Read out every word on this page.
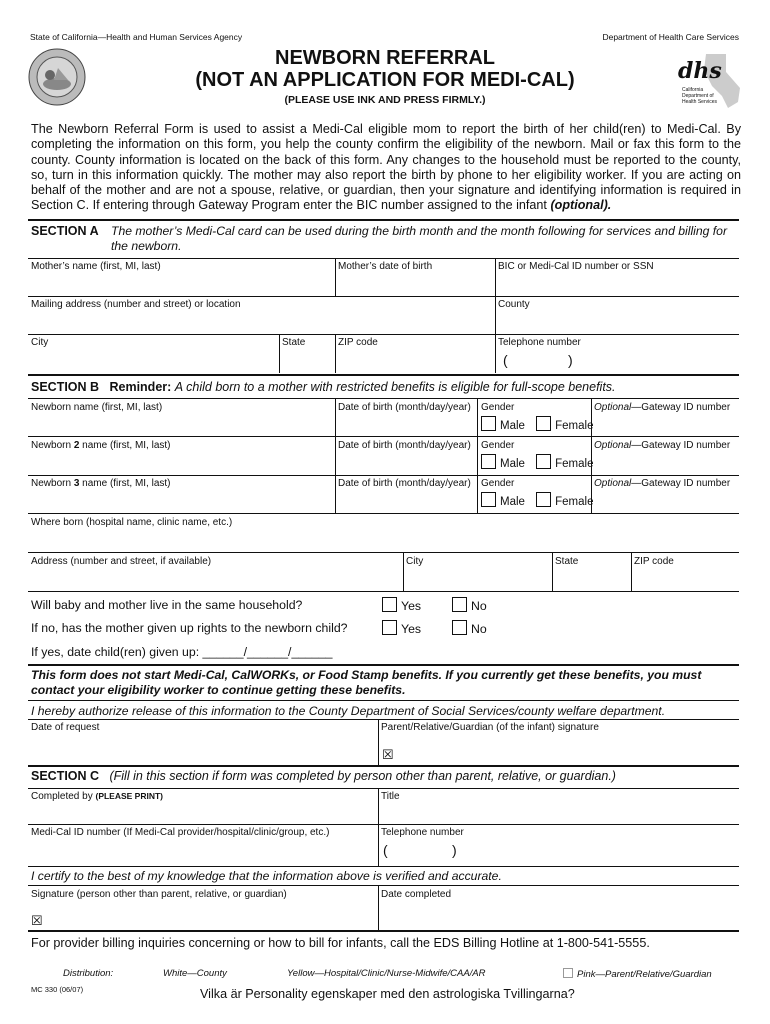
State of California—Health and Human Services Agency	Department of Health Care Services
NEWBORN REFERRAL
(NOT AN APPLICATION FOR MEDI-CAL)
(PLEASE USE INK AND PRESS FIRMLY.)
dhs
California Department of Health Services
The Newborn Referral Form is used to assist a Medi-Cal eligible mom to report the birth of her child(ren) to Medi-Cal. By completing the information on this form, you help the county confirm the eligibility of the newborn. Mail or fax this form to the county. County information is located on the back of this form. Any changes to the household must be reported to the county, so, turn in this information quickly. The mother may also report the birth by phone to her eligibility worker. If you are acting on behalf of the mother and are not a spouse, relative, or guardian, then your signature and identifying information is required in Section C. If entering through Gateway Program enter the BIC number assigned to the infant (optional).
SECTION A The mother’s Medi-Cal card can be used during the birth month and the month following for services and billing for the newborn.
Mother’s name (first, MI, last)	Mother’s date of birth	BIC or Medi-Cal ID number or SSN
Mailing address (number and street) or location	County
City	State	ZIP code	Telephone number
(	)
SECTION B Reminder: A child born to a mother with restricted benefits is eligible for full-scope benefits.
Newborn name (first, MI, last)	Date of birth (month/day/year) Gender	Optional—Gateway ID number
Male	Female
Newborn 2 name (first, MI, last)	Date of birth (month/day/year) Gender	Optional—Gateway ID number
Male	Female
Newborn 3 name (first, MI, last)	Date of birth (month/day/year) Gender	Optional—Gateway ID number
Male	Female
Where born (hospital name, clinic name, etc.)
Address (number and street, if available)	City	State	ZIP code
Will baby and mother live in the same household?	Yes	No
If no, has the mother given up rights to the newborn child?	Yes	No
If yes, date child(ren) given up: ______/______/______
This form does not start Medi-Cal, CalWORKs, or Food Stamp benefits. If you currently get these benefits, you must contact your eligibility worker to continue getting these benefits.
I hereby authorize release of this information to the County Department of Social Services/county welfare department.
Date of request	Parent/Relative/Guardian (of the infant) signature
☒
SECTION C (Fill in this section if form was completed by person other than parent, relative, or guardian.)
Completed by (PLEASE PRINT)	Title
Medi-Cal ID number (If Medi-Cal provider/hospital/clinic/group, etc.)	Telephone number
(	)
I certify to the best of my knowledge that the information above is verified and accurate.
Signature (person other than parent, relative, or guardian)	Date completed
☒
For provider billing inquiries concerning or how to bill for infants, call the EDS Billing Hotline at 1-800-541-5555.
Distribution:	White—County	Yellow—Hospital/Clinic/Nurse-Midwife/CAA/AR	Pink—Parent/Relative/Guardian
MC 330 (06/07)	Vilka är Personality egenskaper med den astrologiska Tvillingarna?
